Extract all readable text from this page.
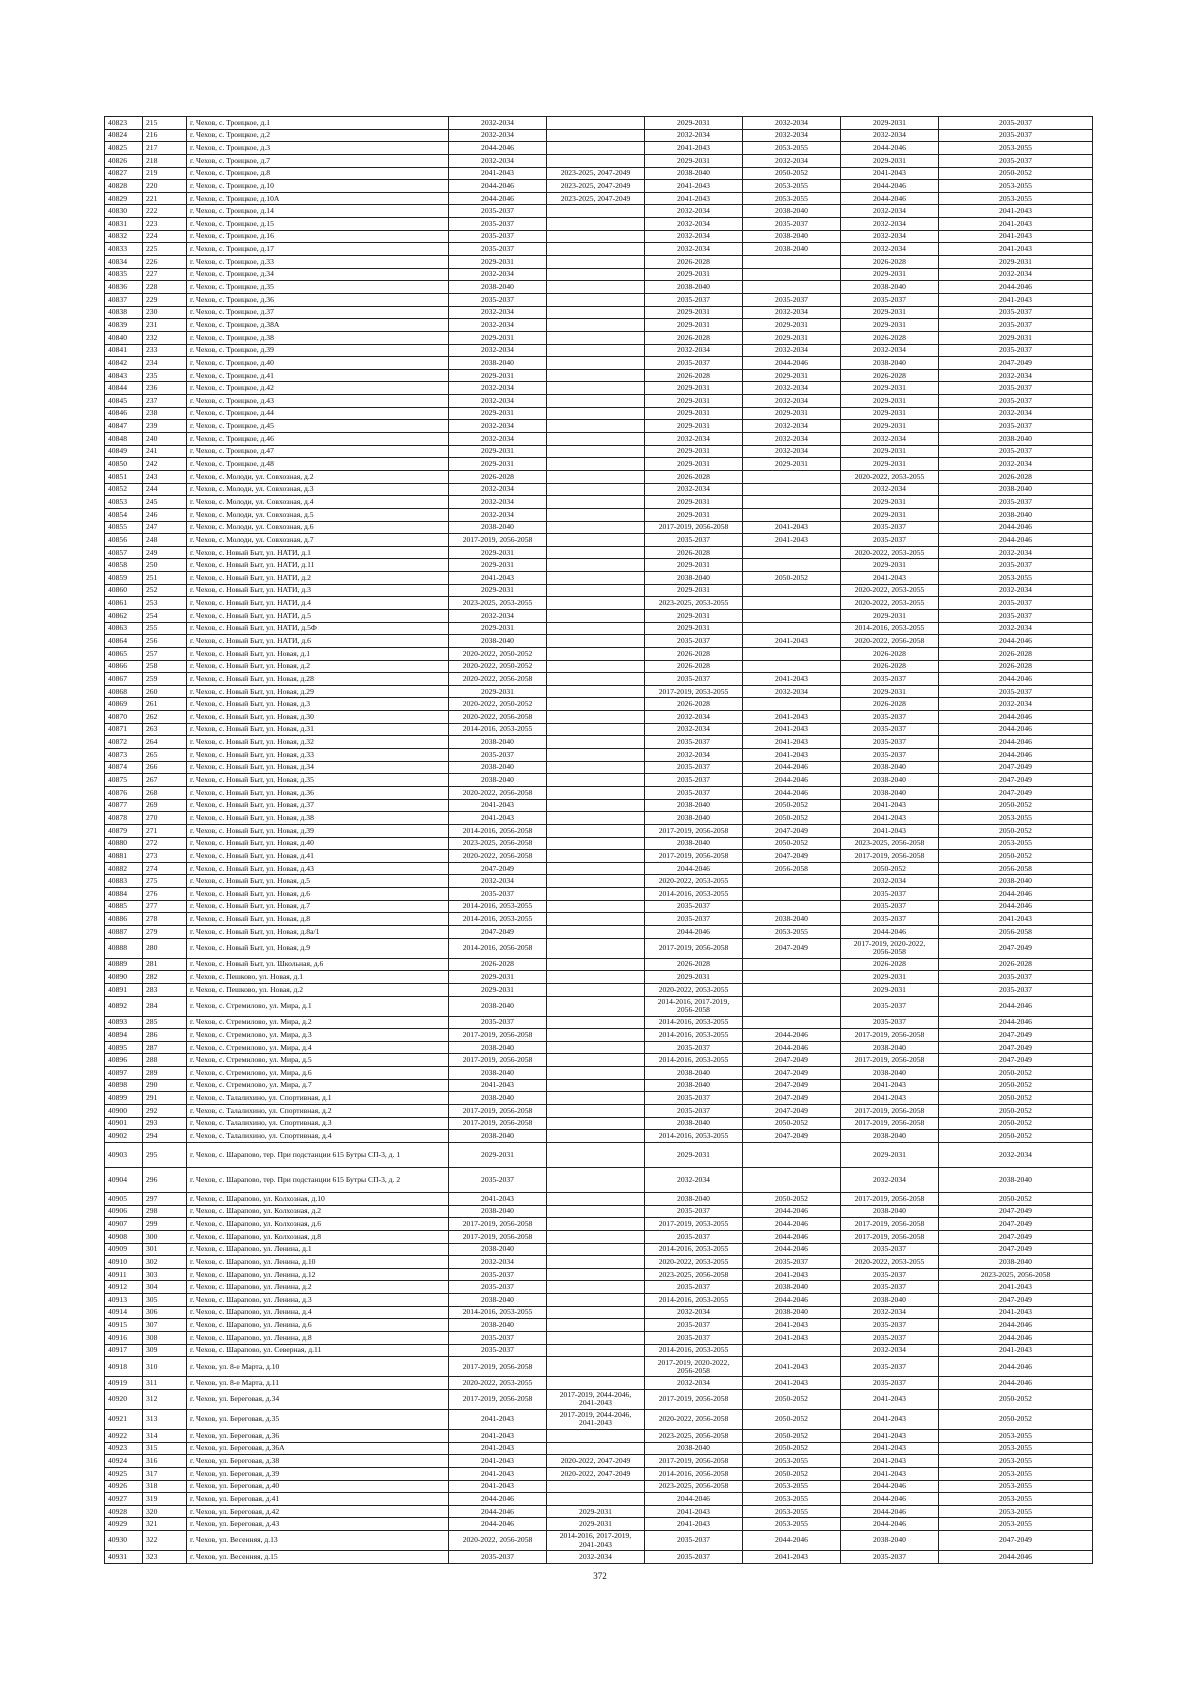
40823	215	г. Чехов, с. Троицкое, д.1	2032-2034		2029-2031	2032-2034	2029-2031	2035-2037
40824	216	г. Чехов, с. Троицкое, д.2	2032-2034		2032-2034	2032-2034	2032-2034	2035-2037
40825	217	г. Чехов, с. Троицкое, д.3	2044-2046		2041-2043	2053-2055	2044-2046	2053-2055
40826	218	г. Чехов, с. Троицкое, д.7	2032-2034		2029-2031	2032-2034	2029-2031	2035-2037
40827	219	г. Чехов, с. Троицкое, д.8	2041-2043	2023-2025, 2047-2049	2038-2040	2050-2052	2041-2043	2050-2052
40828	220	г. Чехов, с. Троицкое, д.10	2044-2046	2023-2025, 2047-2049	2041-2043	2053-2055	2044-2046	2053-2055
40829	221	г. Чехов, с. Троицкое, д.10А	2044-2046	2023-2025, 2047-2049	2041-2043	2053-2055	2044-2046	2053-2055
40830	222	г. Чехов, с. Троицкое, д.14	2035-2037		2032-2034	2038-2040	2032-2034	2041-2043
40831	223	г. Чехов, с. Троицкое, д.15	2035-2037		2032-2034	2035-2037	2032-2034	2041-2043
40832	224	г. Чехов, с. Троицкое, д.16	2035-2037		2032-2034	2038-2040	2032-2034	2041-2043
40833	225	г. Чехов, с. Троицкое, д.17	2035-2037		2032-2034	2038-2040	2032-2034	2041-2043
40834	226	г. Чехов, с. Троицкое, д.33	2029-2031		2026-2028		2026-2028	2029-2031
40835	227	г. Чехов, с. Троицкое, д.34	2032-2034		2029-2031		2029-2031	2032-2034
40836	228	г. Чехов, с. Троицкое, д.35	2038-2040		2038-2040		2038-2040	2044-2046
40837	229	г. Чехов, с. Троицкое, д.36	2035-2037		2035-2037	2035-2037	2035-2037	2041-2043
40838	230	г. Чехов, с. Троицкое, д.37	2032-2034		2029-2031	2032-2034	2029-2031	2035-2037
40839	231	г. Чехов, с. Троицкое, д.38А	2032-2034		2029-2031	2029-2031	2029-2031	2035-2037
40840	232	г. Чехов, с. Троицкое, д.38	2029-2031		2026-2028	2029-2031	2026-2028	2029-2031
40841	233	г. Чехов, с. Троицкое, д.39	2032-2034		2032-2034	2032-2034	2032-2034	2035-2037
40842	234	г. Чехов, с. Троицкое, д.40	2038-2040		2035-2037	2044-2046	2038-2040	2047-2049
40843	235	г. Чехов, с. Троицкое, д.41	2029-2031		2026-2028	2029-2031	2026-2028	2032-2034
40844	236	г. Чехов, с. Троицкое, д.42	2032-2034		2029-2031	2032-2034	2029-2031	2035-2037
40845	237	г. Чехов, с. Троицкое, д.43	2032-2034		2029-2031	2032-2034	2029-2031	2035-2037
40846	238	г. Чехов, с. Троицкое, д.44	2029-2031		2029-2031	2029-2031	2029-2031	2032-2034
40847	239	г. Чехов, с. Троицкое, д.45	2032-2034		2029-2031	2032-2034	2029-2031	2035-2037
40848	240	г. Чехов, с. Троицкое, д.46	2032-2034		2032-2034	2032-2034	2032-2034	2038-2040
40849	241	г. Чехов, с. Троицкое, д.47	2029-2031		2029-2031	2032-2034	2029-2031	2035-2037
40850	242	г. Чехов, с. Троицкое, д.48	2029-2031		2029-2031	2029-2031	2029-2031	2032-2034
40851	243	г. Чехов, с. Молоди, ул. Совхозная, д.2	2026-2028		2026-2028		2020-2022, 2053-2055	2026-2028
40852	244	г. Чехов, с. Молоди, ул. Совхозная, д.3	2032-2034		2032-2034		2032-2034	2038-2040
40853	245	г. Чехов, с. Молоди, ул. Совхозная, д.4	2032-2034		2029-2031		2029-2031	2035-2037
40854	246	г. Чехов, с. Молоди, ул. Совхозная, д.5	2032-2034		2029-2031		2029-2031	2038-2040
40855	247	г. Чехов, с. Молоди, ул. Совхозная, д.6	2038-2040		2017-2019, 2056-2058	2041-2043	2035-2037	2044-2046
40856	248	г. Чехов, с. Молоди, ул. Совхозная, д.7	2017-2019, 2056-2058		2035-2037	2041-2043	2035-2037	2044-2046
40857	249	г. Чехов, с. Новый Быт, ул. НАТИ, д.1	2029-2031		2026-2028		2020-2022, 2053-2055	2032-2034
40858	250	г. Чехов, с. Новый Быт, ул. НАТИ, д.11	2029-2031		2029-2031		2029-2031	2035-2037
40859	251	г. Чехов, с. Новый Быт, ул. НАТИ, д.2	2041-2043		2038-2040	2050-2052	2041-2043	2053-2055
40860	252	г. Чехов, с. Новый Быт, ул. НАТИ, д.3	2029-2031		2029-2031		2020-2022, 2053-2055	2032-2034
40861	253	г. Чехов, с. Новый Быт, ул. НАТИ, д.4	2023-2025, 2053-2055		2023-2025, 2053-2055		2020-2022, 2053-2055	2035-2037
40862	254	г. Чехов, с. Новый Быт, ул. НАТИ, д.5	2032-2034		2029-2031		2029-2031	2035-2037
40863	255	г. Чехов, с. Новый Быт, ул. НАТИ, д.5Ф	2029-2031		2029-2031		2014-2016, 2053-2055	2032-2034
40864	256	г. Чехов, с. Новый Быт, ул. НАТИ, д.6	2038-2040		2035-2037	2041-2043	2020-2022, 2056-2058	2044-2046
40865	257	г. Чехов, с. Новый Быт, ул. Новая, д.1	2020-2022, 2050-2052		2026-2028		2026-2028	2026-2028
40866	258	г. Чехов, с. Новый Быт, ул. Новая, д.2	2020-2022, 2050-2052		2026-2028		2026-2028	2026-2028
40867	259	г. Чехов, с. Новый Быт, ул. Новая, д.28	2020-2022, 2056-2058		2035-2037	2041-2043	2035-2037	2044-2046
40868	260	г. Чехов, с. Новый Быт, ул. Новая, д.29	2029-2031		2017-2019, 2053-2055	2032-2034	2029-2031	2035-2037
40869	261	г. Чехов, с. Новый Быт, ул. Новая, д.3	2020-2022, 2050-2052		2026-2028		2026-2028	2032-2034
40870	262	г. Чехов, с. Новый Быт, ул. Новая, д.30	2020-2022, 2056-2058		2032-2034	2041-2043	2035-2037	2044-2046
40871	263	г. Чехов, с. Новый Быт, ул. Новая, д.31	2014-2016, 2053-2055		2032-2034	2041-2043	2035-2037	2044-2046
40872	264	г. Чехов, с. Новый Быт, ул. Новая, д.32	2038-2040		2035-2037	2041-2043	2035-2037	2044-2046
40873	265	г. Чехов, с. Новый Быт, ул. Новая, д.33	2035-2037		2032-2034	2041-2043	2035-2037	2044-2046
40874	266	г. Чехов, с. Новый Быт, ул. Новая, д.34	2038-2040		2035-2037	2044-2046	2038-2040	2047-2049
40875	267	г. Чехов, с. Новый Быт, ул. Новая, д.35	2038-2040		2035-2037	2044-2046	2038-2040	2047-2049
40876	268	г. Чехов, с. Новый Быт, ул. Новая, д.36	2020-2022, 2056-2058		2035-2037	2044-2046	2038-2040	2047-2049
40877	269	г. Чехов, с. Новый Быт, ул. Новая, д.37	2041-2043		2038-2040	2050-2052	2041-2043	2050-2052
40878	270	г. Чехов, с. Новый Быт, ул. Новая, д.38	2041-2043		2038-2040	2050-2052	2041-2043	2053-2055
40879	271	г. Чехов, с. Новый Быт, ул. Новая, д.39	2014-2016, 2056-2058		2017-2019, 2056-2058	2047-2049	2041-2043	2050-2052
40880	272	г. Чехов, с. Новый Быт, ул. Новая, д.40	2023-2025, 2056-2058		2038-2040	2050-2052	2023-2025, 2056-2058	2053-2055
40881	273	г. Чехов, с. Новый Быт, ул. Новая, д.41	2020-2022, 2056-2058		2017-2019, 2056-2058	2047-2049	2017-2019, 2056-2058	2050-2052
40882	274	г. Чехов, с. Новый Быт, ул. Новая, д.43	2047-2049		2044-2046	2056-2058	2050-2052	2056-2058
40883	275	г. Чехов, с. Новый Быт, ул. Новая, д.5	2032-2034		2020-2022, 2053-2055		2032-2034	2038-2040
40884	276	г. Чехов, с. Новый Быт, ул. Новая, д.6	2035-2037		2014-2016, 2053-2055		2035-2037	2044-2046
40885	277	г. Чехов, с. Новый Быт, ул. Новая, д.7	2014-2016, 2053-2055		2035-2037		2035-2037	2044-2046
40886	278	г. Чехов, с. Новый Быт, ул. Новая, д.8	2014-2016, 2053-2055		2035-2037	2038-2040	2035-2037	2041-2043
40887	279	г. Чехов, с. Новый Быт, ул. Новая, д.8а/1	2047-2049		2044-2046	2053-2055	2044-2046	2056-2058
40888	280	г. Чехов, с. Новый Быт, ул. Новая, д.9	2014-2016, 2056-2058		2017-2019, 2056-2058	2047-2049	2017-2019, 2020-2022, 2056-2058	2047-2049
40889	281	г. Чехов, с. Новый Быт, ул. Школьная, д.6	2026-2028		2026-2028		2026-2028	2026-2028
40890	282	г. Чехов, с. Пешково, ул. Новая, д.1	2029-2031		2029-2031		2029-2031	2035-2037
40891	283	г. Чехов, с. Пешково, ул. Новая, д.2	2029-2031		2020-2022, 2053-2055		2029-2031	2035-2037
40892	284	г. Чехов, с. Стремилово, ул. Мира, д.1	2038-2040		2014-2016, 2017-2019, 2056-2058		2035-2037	2044-2046
40893	285	г. Чехов, с. Стремилово, ул. Мира, д.2	2035-2037		2014-2016, 2053-2055		2035-2037	2044-2046
40894	286	г. Чехов, с. Стремилово, ул. Мира, д.3	2017-2019, 2056-2058		2014-2016, 2053-2055	2044-2046	2017-2019, 2056-2058	2047-2049
40895	287	г. Чехов, с. Стремилово, ул. Мира, д.4	2038-2040		2035-2037	2044-2046	2038-2040	2047-2049
40896	288	г. Чехов, с. Стремилово, ул. Мира, д.5	2017-2019, 2056-2058		2014-2016, 2053-2055	2047-2049	2017-2019, 2056-2058	2047-2049
40897	289	г. Чехов, с. Стремилово, ул. Мира, д.6	2038-2040		2038-2040	2047-2049	2038-2040	2050-2052
40898	290	г. Чехов, с. Стремилово, ул. Мира, д.7	2041-2043		2038-2040	2047-2049	2041-2043	2050-2052
40899	291	г. Чехов, с. Талалихино, ул. Спортивная, д.1	2038-2040		2035-2037	2047-2049	2041-2043	2050-2052
40900	292	г. Чехов, с. Талалихино, ул. Спортивная, д.2	2017-2019, 2056-2058		2035-2037	2047-2049	2017-2019, 2056-2058	2050-2052
40901	293	г. Чехов, с. Талалихино, ул. Спортивная, д.3	2017-2019, 2056-2058		2038-2040	2050-2052	2017-2019, 2056-2058	2050-2052
40902	294	г. Чехов, с. Талалихино, ул. Спортивная, д.4	2038-2040		2014-2016, 2053-2055	2047-2049	2038-2040	2050-2052
40903	295	г. Чехов, с. Шарапово, тер. При подстанции 615 Бутры СП-3, д. 1	2029-2031		2029-2031		2029-2031	2032-2034
40904	296	г. Чехов, с. Шарапово, тер. При подстанции 615 Бутры СП-3, д. 2	2035-2037		2032-2034		2032-2034	2038-2040
40905	297	г. Чехов, с. Шарапово, ул. Колхозная, д.10	2041-2043		2038-2040	2050-2052	2017-2019, 2056-2058	2050-2052
40906	298	г. Чехов, с. Шарапово, ул. Колхозная, д.2	2038-2040		2035-2037	2044-2046	2038-2040	2047-2049
40907	299	г. Чехов, с. Шарапово, ул. Колхозная, д.6	2017-2019, 2056-2058		2017-2019, 2053-2055	2044-2046	2017-2019, 2056-2058	2047-2049
40908	300	г. Чехов, с. Шарапово, ул. Колхозная, д.8	2017-2019, 2056-2058		2035-2037	2044-2046	2017-2019, 2056-2058	2047-2049
40909	301	г. Чехов, с. Шарапово, ул. Ленина, д.1	2038-2040		2014-2016, 2053-2055	2044-2046	2035-2037	2047-2049
40910	302	г. Чехов, с. Шарапово, ул. Ленина, д.10	2032-2034		2020-2022, 2053-2055	2035-2037	2020-2022, 2053-2055	2038-2040
40911	303	г. Чехов, с. Шарапово, ул. Ленина, д.12	2035-2037		2023-2025, 2056-2058	2041-2043	2035-2037	2023-2025, 2056-2058
40912	304	г. Чехов, с. Шарапово, ул. Ленина, д.2	2035-2037		2035-2037	2038-2040	2035-2037	2041-2043
40913	305	г. Чехов, с. Шарапово, ул. Ленина, д.3	2038-2040		2014-2016, 2053-2055	2044-2046	2038-2040	2047-2049
40914	306	г. Чехов, с. Шарапово, ул. Ленина, д.4	2014-2016, 2053-2055		2032-2034	2038-2040	2032-2034	2041-2043
40915	307	г. Чехов, с. Шарапово, ул. Ленина, д.6	2038-2040		2035-2037	2041-2043	2035-2037	2044-2046
40916	308	г. Чехов, с. Шарапово, ул. Ленина, д.8	2035-2037		2035-2037	2041-2043	2035-2037	2044-2046
40917	309	г. Чехов, с. Шарапово, ул. Северная, д.11	2035-2037		2014-2016, 2053-2055		2032-2034	2041-2043
40918	310	г. Чехов, ул. 8-е Марта, д.10	2017-2019, 2056-2058		2017-2019, 2020-2022, 2056-2058	2041-2043	2035-2037	2044-2046
40919	311	г. Чехов, ул. 8-е Марта, д.11	2020-2022, 2053-2055		2032-2034	2041-2043	2035-2037	2044-2046
40920	312	г. Чехов, ул. Береговая, д.34	2017-2019, 2056-2058	2017-2019, 2044-2046, 2041-2043	2017-2019, 2056-2058	2050-2052	2041-2043	2050-2052
40921	313	г. Чехов, ул. Береговая, д.35	2041-2043	2017-2019, 2044-2046, 2041-2043	2020-2022, 2056-2058	2050-2052	2041-2043	2050-2052
40922	314	г. Чехов, ул. Береговая, д.36	2041-2043		2023-2025, 2056-2058	2050-2052	2041-2043	2053-2055
40923	315	г. Чехов, ул. Береговая, д.36А	2041-2043		2038-2040	2050-2052	2041-2043	2053-2055
40924	316	г. Чехов, ул. Береговая, д.38	2041-2043	2020-2022, 2047-2049	2017-2019, 2056-2058	2053-2055	2041-2043	2053-2055
40925	317	г. Чехов, ул. Береговая, д.39	2041-2043	2020-2022, 2047-2049	2014-2016, 2056-2058	2050-2052	2041-2043	2053-2055
40926	318	г. Чехов, ул. Береговая, д.40	2041-2043		2023-2025, 2056-2058	2053-2055	2044-2046	2053-2055
40927	319	г. Чехов, ул. Береговая, д.41	2044-2046		2044-2046	2053-2055	2044-2046	2053-2055
40928	320	г. Чехов, ул. Береговая, д.42	2044-2046	2029-2031	2041-2043	2053-2055	2044-2046	2053-2055
40929	321	г. Чехов, ул. Береговая, д.43	2044-2046	2029-2031	2041-2043	2053-2055	2044-2046	2053-2055
40930	322	г. Чехов, ул. Весенняя, д.13	2020-2022, 2056-2058	2014-2016, 2017-2019, 2041-2043	2035-2037	2044-2046	2038-2040	2047-2049
40931	323	г. Чехов, ул. Весенняя, д.15	2035-2037	2032-2034	2035-2037	2041-2043	2035-2037	2044-2046
372
